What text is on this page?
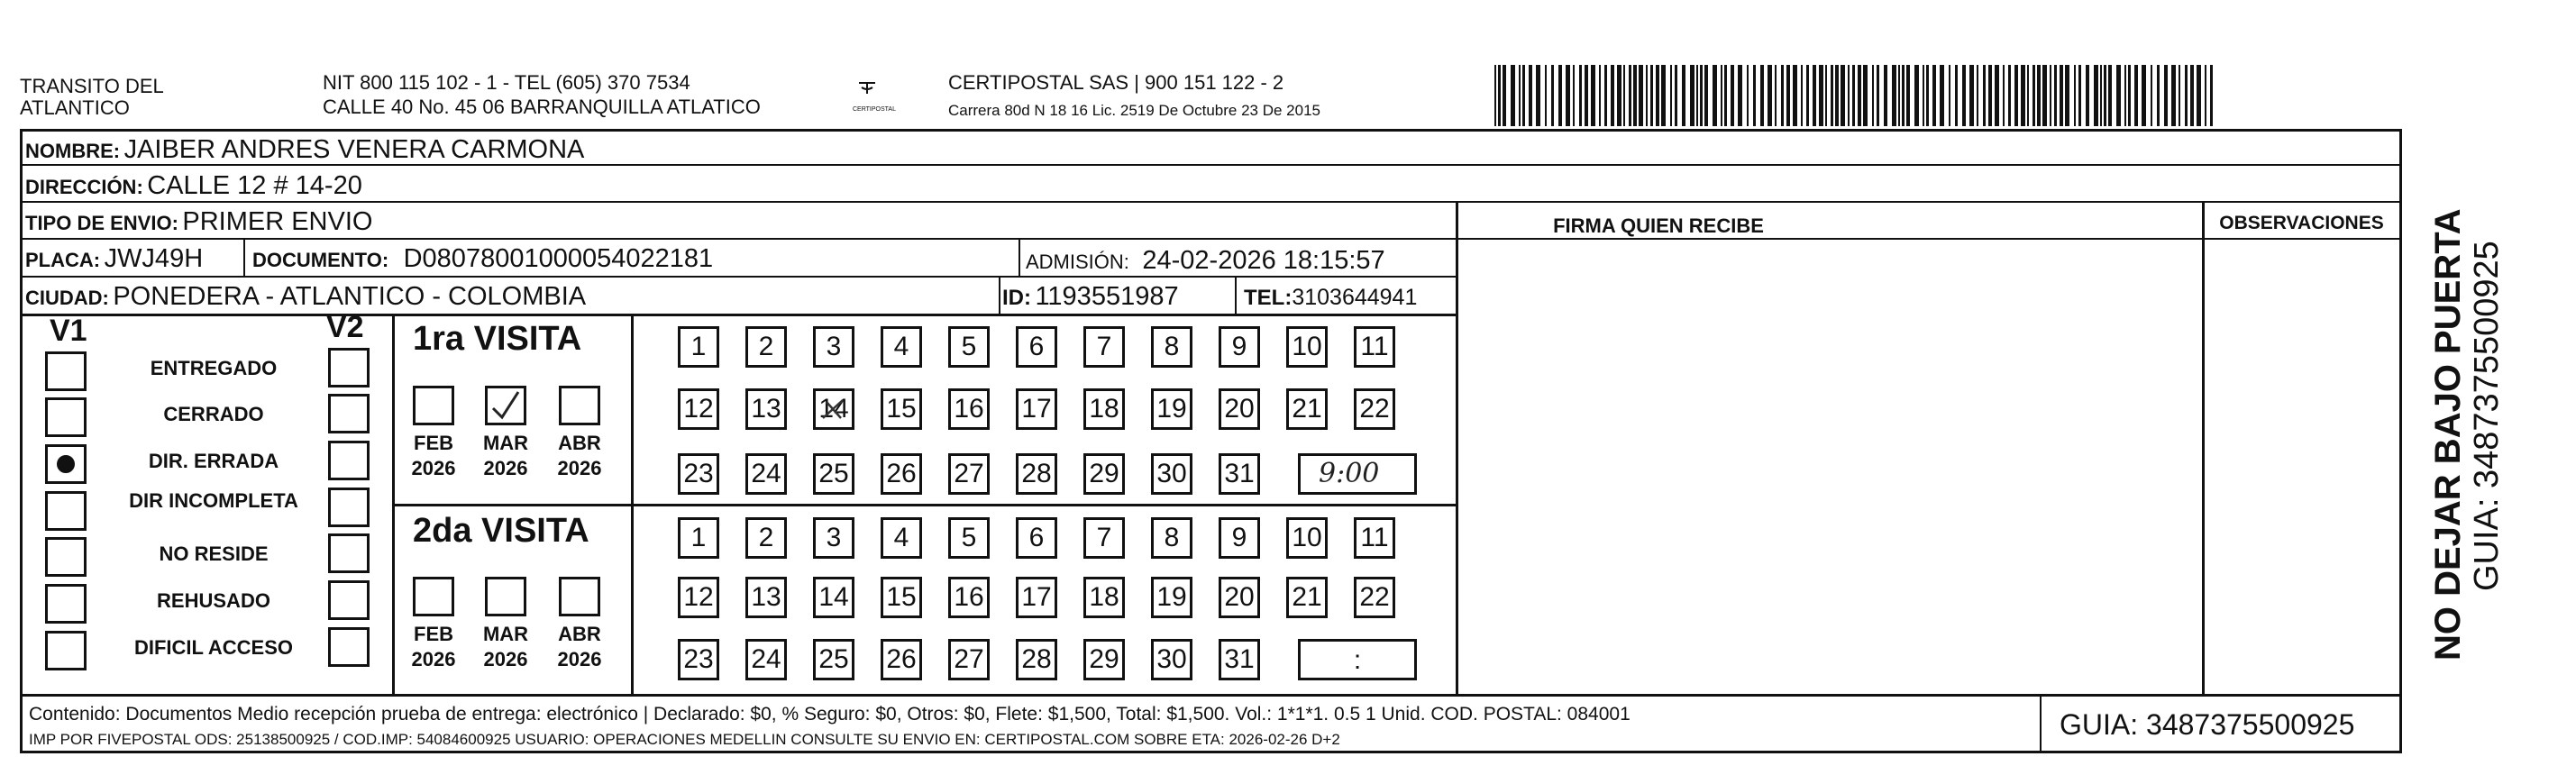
TRANSITO DEL
ATLANTICO
NIT 800 115 102 - 1 - TEL (605) 370 7534
CALLE 40 No. 45 06 BARRANQUILLA ATLATICO	CERTIPOSTAL
CERTIPOSTAL SAS | 900 151 122 - 2
Carrera 80d N 18 16 Lic. 2519 De Octubre 23 De 2015
NOMBRE: JAIBER ANDRES VENERA CARMONA
DIRECCIÓN: CALLE 12 # 14-20
TIPO DE ENVIO: PRIMER ENVIO	FIRMA QUIEN RECIBE	OBSERVACIONES
PLACA: JWJ49H DOCUMENTO: D08078001000054022181	ADMISIÓN: 24-02-2026 18:15:57
CIUDAD: PONEDERA - ATLANTICO - COLOMBIA	ID: 1193551987	TEL:3103644941
V1	V2
ENTREGADO
CERRADO
DIR. ERRADA
DIR INCOMPLETA
NO RESIDE
REHUSADO
DIFICIL ACCESO
1ra VISITA
2da VISITA
FEB
2026
MAR
2026
ABR
2026
FEB
2026
MAR
2026
ABR
2026
1	2	3	4	5	6	7	8	9	10 11
12 13 14 15 16 17 18 19 20 21 22
23 24 25 26 27 28 29 30 31
1	2	3	4	5	6	7	8	9	10 11
12 13 14 15 16 17 18 19 20 21 22
23 24 25 26 27 28 29 30 31
9:00
:
Contenido: Documentos Medio recepción prueba de entrega: electrónico | Declarado: $0, % Seguro: $0, Otros: $0, Flete: $1,500, Total: $1,500. Vol.: 1*1*1. 0.5 1 Unid. COD. POSTAL: 084001
IMP POR FIVEPOSTAL ODS: 25138500925 / COD.IMP: 54084600925 USUARIO: OPERACIONES MEDELLIN CONSULTE SU ENVIO EN: CERTIPOSTAL.COM SOBRE ETA: 2026-02-26 D+2	GUIA: 3487375500925
NO DEJAR BAJO PUERTA GUIA: 3487375500925
